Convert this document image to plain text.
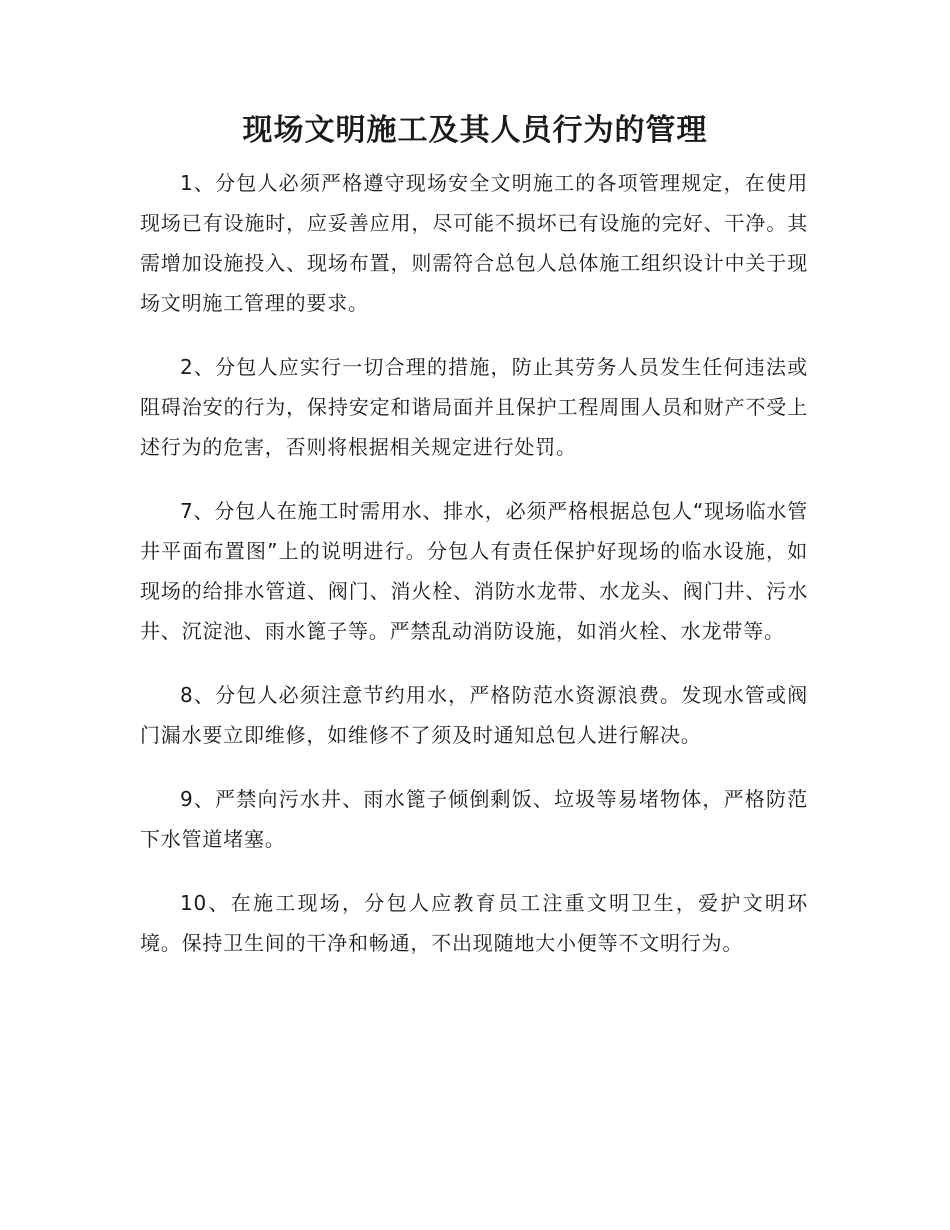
现场文明施工及其人员行为的管理

1、分包人必须严格遵守现场安全文明施工的各项管理规定，在使用现场已有设施时，应妥善应用，尽可能不损坏已有设施的完好、干净。其需增加设施投入、现场布置，则需符合总包人总体施工组织设计中关于现场文明施工管理的要求。

2、分包人应实行一切合理的措施，防止其劳务人员发生任何违法或阻碍治安的行为，保持安定和谐局面并且保护工程周围人员和财产不受上述行为的危害，否则将根据相关规定进行处罚。

7、分包人在施工时需用水、排水，必须严格根据总包人“现场临水管井平面布置图”上的说明进行。分包人有责任保护好现场的临水设施，如现场的给排水管道、阀门、消火栓、消防水龙带、水龙头、阀门井、污水井、沉淀池、雨水篦子等。严禁乱动消防设施，如消火栓、水龙带等。

8、分包人必须注意节约用水，严格防范水资源浪费。发现水管或阀门漏水要立即维修，如维修不了须及时通知总包人进行解决。

9、严禁向污水井、雨水篦子倾倒剩饭、垃圾等易堵物体，严格防范下水管道堵塞。

10、在施工现场，分包人应教育员工注重文明卫生，爱护文明环境。保持卫生间的干净和畅通，不出现随地大小便等不文明行为。
